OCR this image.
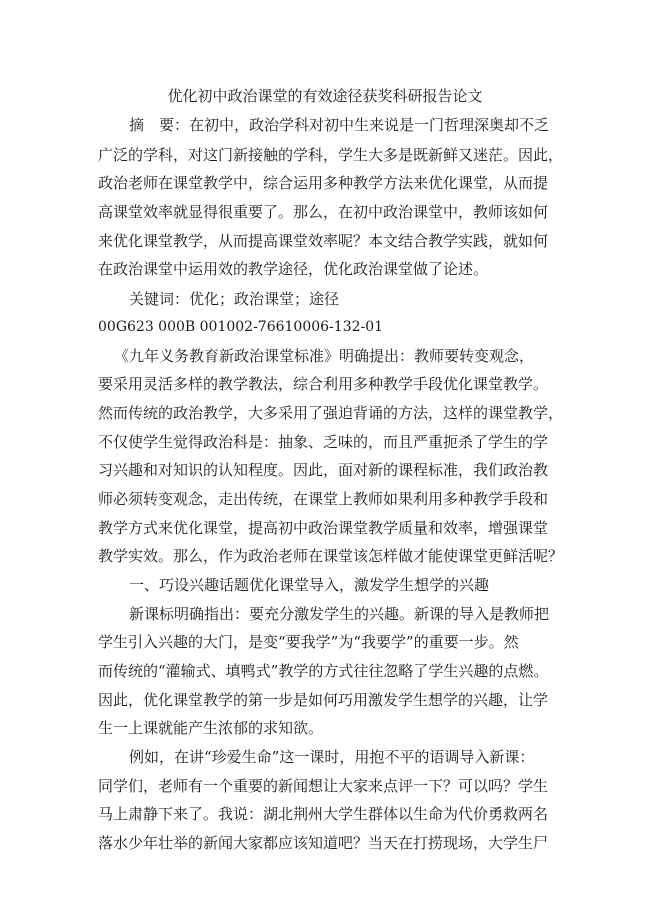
优化初中政治课堂的有效途径获奖科研报告论文
摘　要：在初中，政治学科对初中生来说是一门哲理深奥却不乏
广泛的学科，对这门新接触的学科，学生大多是既新鲜又迷茫。因此，
政治老师在课堂教学中，综合运用多种教学方法来优化课堂，从而提
高课堂效率就显得很重要了。那么，在初中政治课堂中，教师该如何
来优化课堂教学，从而提高课堂效率呢？本文结合教学实践，就如何
在政治课堂中运用效的教学途径，优化政治课堂做了论述。
关键词：优化；政治课堂；途径
00G623 000B 001002-76610006-132-01
《九年义务教育新政治课堂标准》明确提出：教师要转变观念，
要采用灵活多样的教学教法，综合利用多种教学手段优化课堂教学。
然而传统的政治教学，大多采用了强迫背诵的方法，这样的课堂教学，
不仅使学生觉得政治科是：抽象、乏味的，而且严重扼杀了学生的学
习兴趣和对知识的认知程度。因此，面对新的课程标准，我们政治教
师必须转变观念，走出传统，在课堂上教师如果利用多种教学手段和
教学方式来优化课堂，提高初中政治课堂教学质量和效率，增强课堂
教学实效。那么，作为政治老师在课堂该怎样做才能使课堂更鲜活呢？
一、巧设兴趣话题优化课堂导入，激发学生想学的兴趣
新课标明确指出：要充分激发学生的兴趣。新课的导入是教师把
学生引入兴趣的大门，是变“要我学”为“我要学”的重要一步。然
而传统的“灌输式、填鸭式”教学的方式往往忽略了学生兴趣的点燃。
因此，优化课堂教学的第一步是如何巧用激发学生想学的兴趣，让学
生一上课就能产生浓郁的求知欲。
例如，在讲“珍爱生命”这一课时，用抱不平的语调导入新课：
同学们，老师有一个重要的新闻想让大家来点评一下？可以吗？学生
马上肃静下来了。我说：湖北荆州大学生群体以生命为代价勇救两名
落水少年壮举的新闻大家都应该知道吧？当天在打捞现场，大学生尸
